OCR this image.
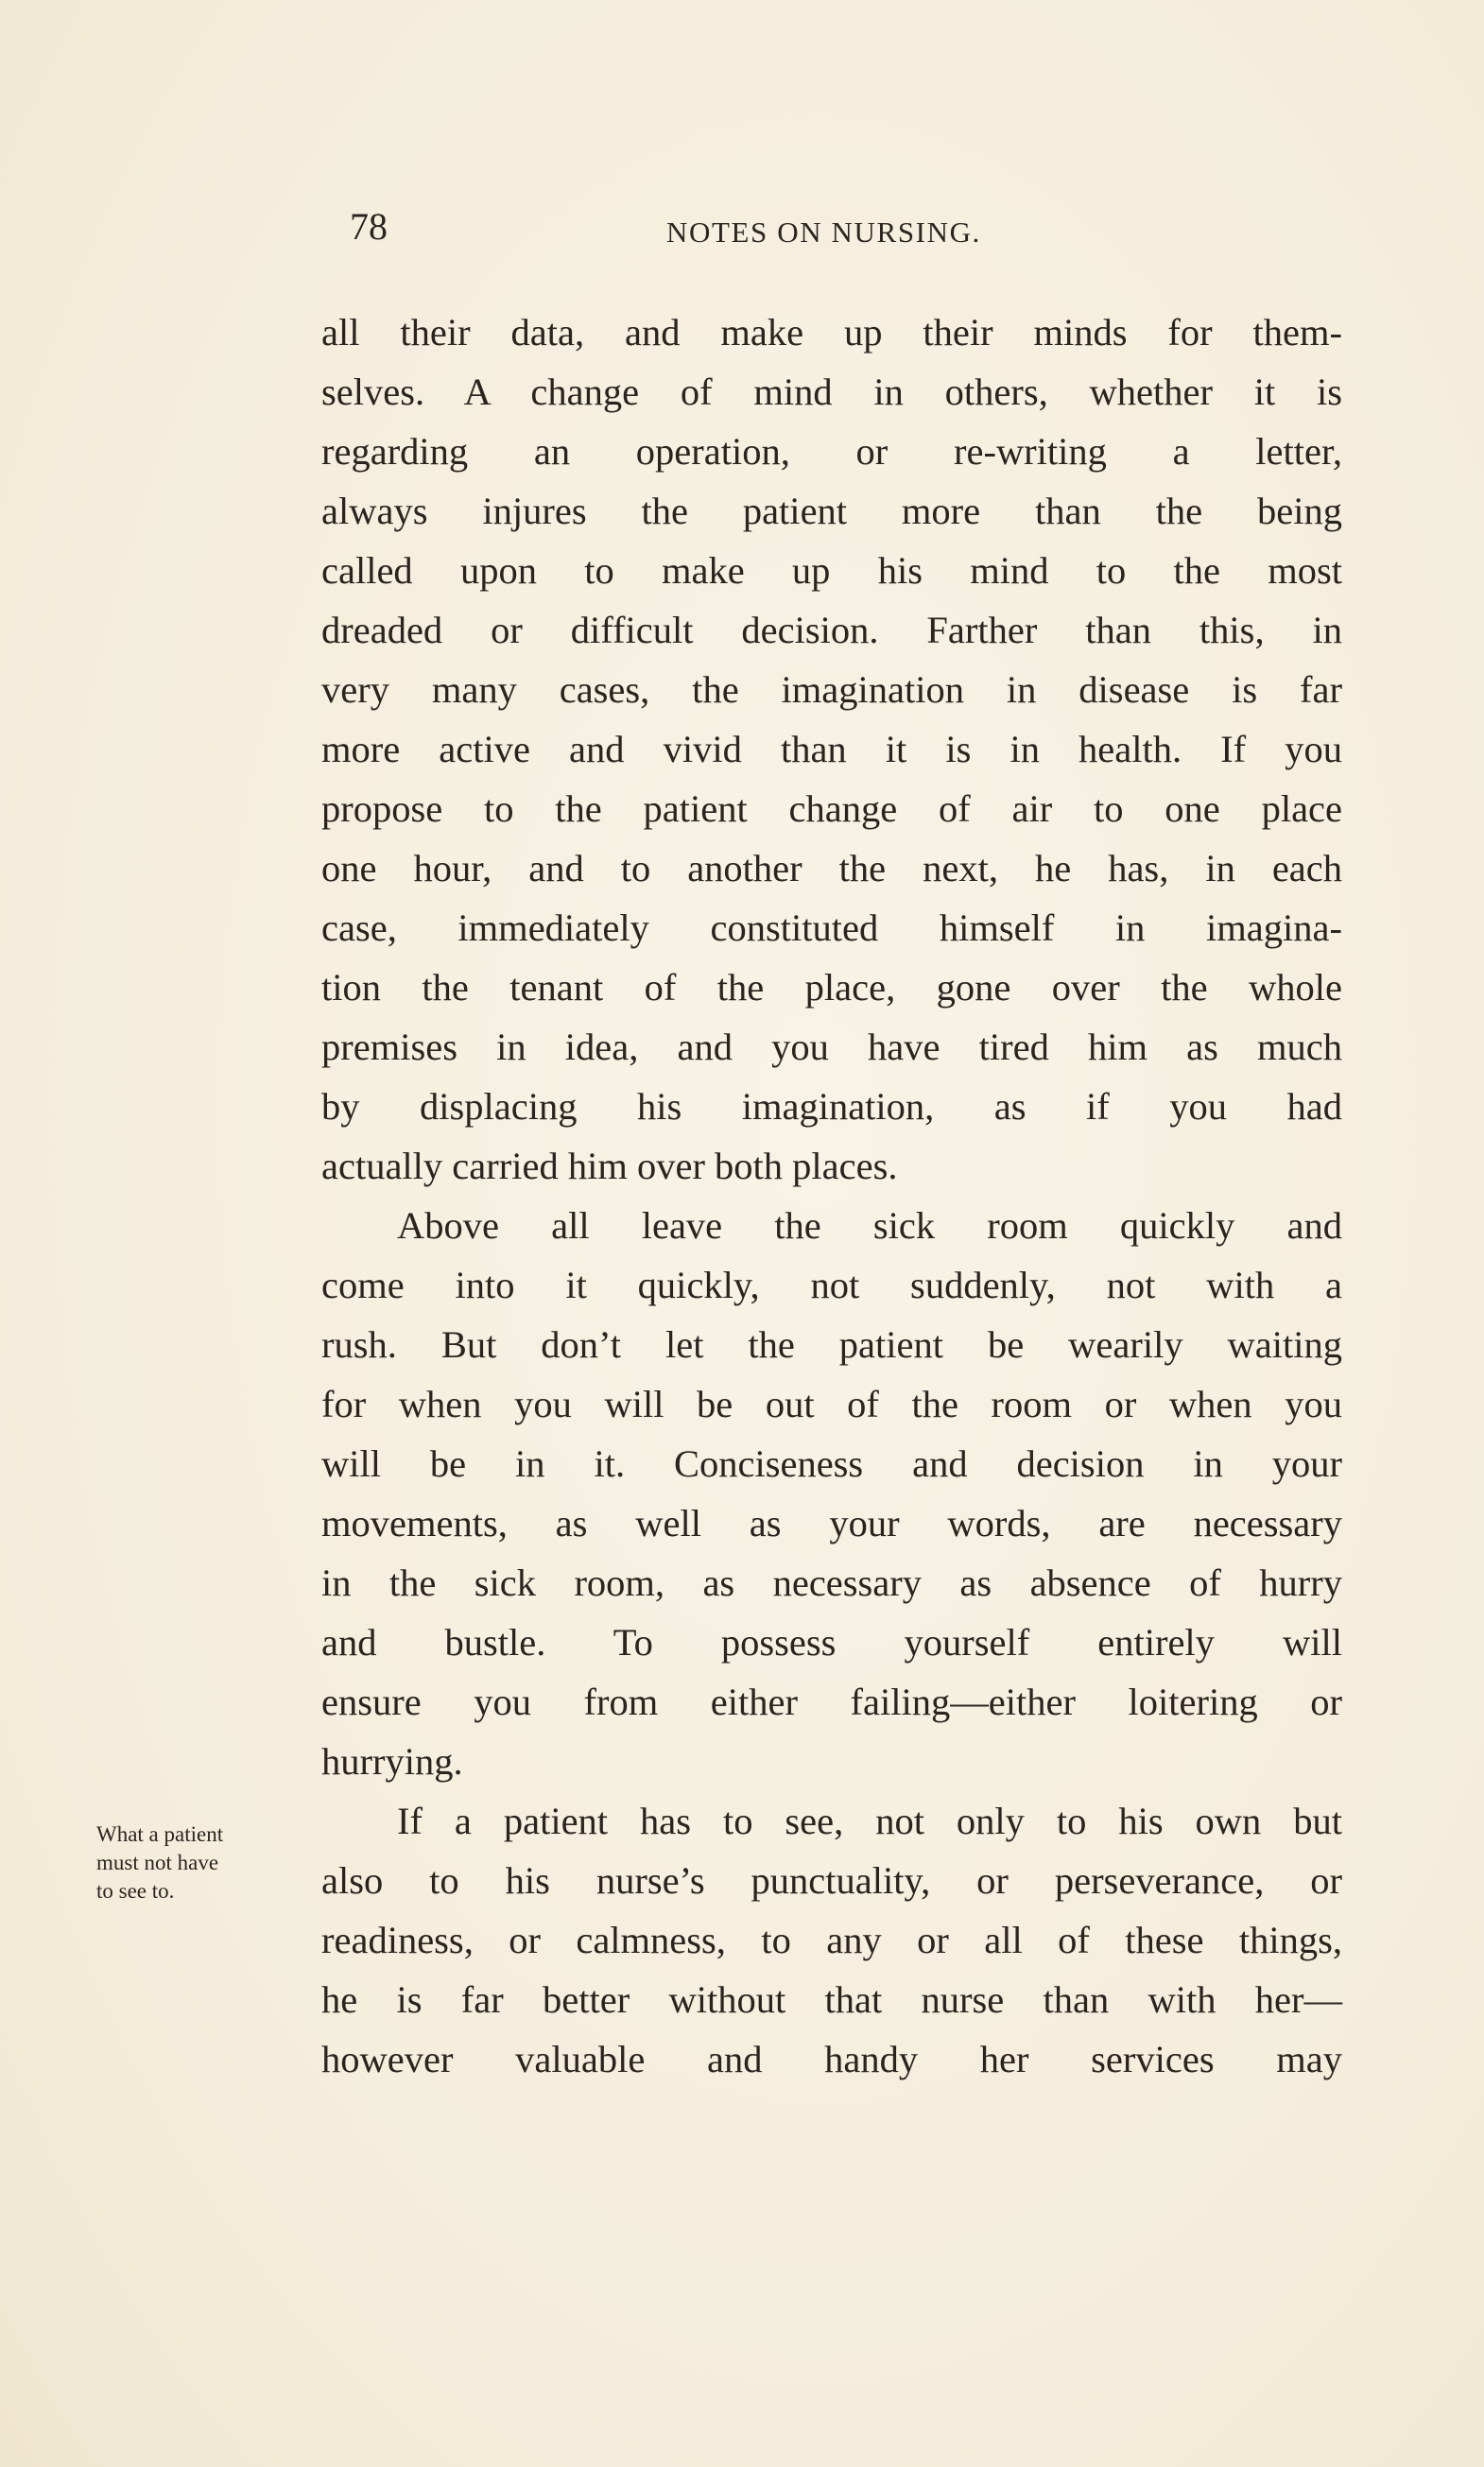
78	NOTES ON NURSING.
What a patient
must not have
to see to.
all their data, and make up their minds for them-
selves. A change of mind in others, whether it is
regarding an operation, or re-writing a letter,
always injures the patient more than the being
called upon to make up his mind to the most
dreaded or difficult decision. Farther than this, in
very many cases, the imagination in disease is far
more active and vivid than it is in health. If you
propose to the patient change of air to one place
one hour, and to another the next, he has, in each
case, immediately constituted himself in imagina-
tion the tenant of the place, gone over the whole
premises in idea, and you have tired him as much
by displacing his imagination, as if you had
actually carried him over both places.
Above all leave the sick room quickly and
come into it quickly, not suddenly, not with a
rush. But don’t let the patient be wearily waiting
for when you will be out of the room or when you
will be in it. Conciseness and decision in your
movements, as well as your words, are necessary
in the sick room, as necessary as absence of hurry
and bustle. To possess yourself entirely will
ensure you from either failing—either loitering or
hurrying.
If a patient has to see, not only to his own but
also to his nurse’s punctuality, or perseverance, or
readiness, or calmness, to any or all of these things,
he is far better without that nurse than with her—
however valuable and handy her services may
